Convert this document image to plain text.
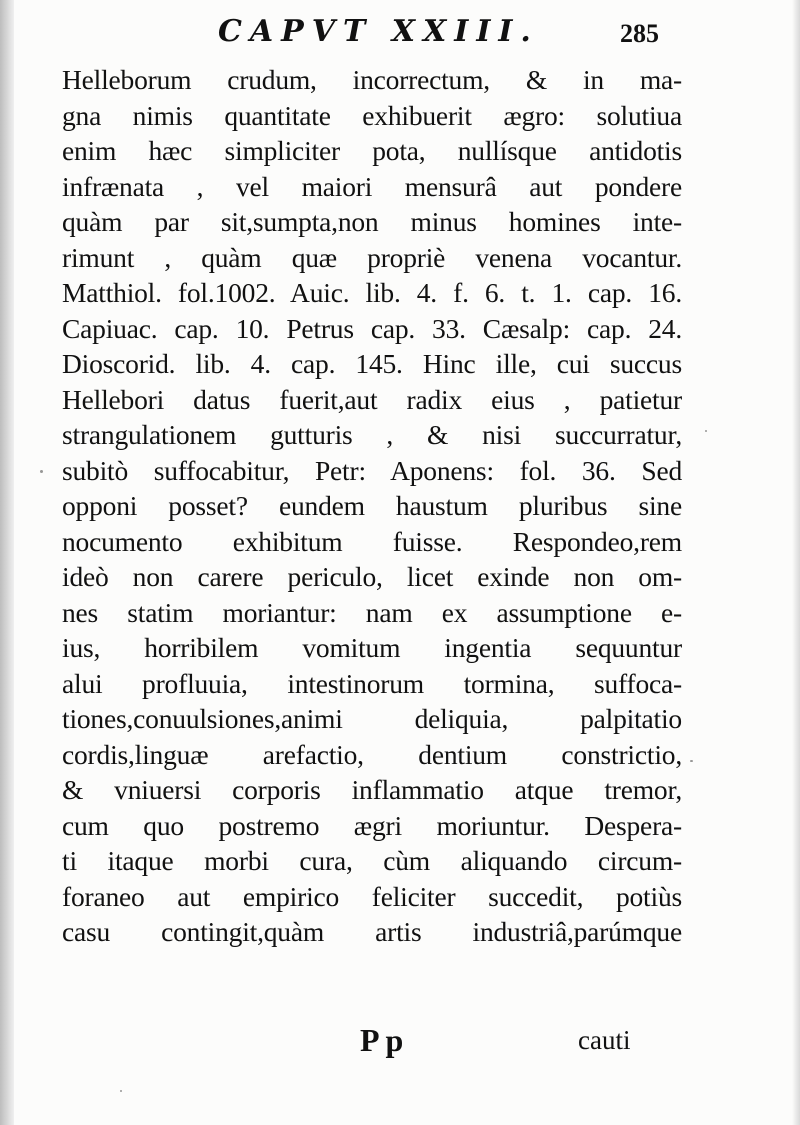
CAPVT XXIII.	285
Helleborum crudum, incorrectum, & in ma-
gna nimis quantitate exhibuerit ægro: solutiua
enim hæc simpliciter pota, nullísque antidotis
infrænata , vel maiori mensurâ aut pondere
quàm par sit,sumpta,non minus homines inte-
rimunt , quàm quæ propriè venena vocantur.
Matthiol. fol.1002. Auic. lib. 4. f. 6. t. 1. cap. 16.
Capiuac. cap. 10. Petrus cap. 33. Cæsalp: cap. 24.
Dioscorid. lib. 4. cap. 145. Hinc ille, cui succus
Hellebori datus fuerit,aut radix eius , patietur
strangulationem gutturis , & nisi succurratur,
subitò suffocabitur, Petr: Aponens: fol. 36. Sed
opponi posset? eundem haustum pluribus sine
nocumento exhibitum fuisse. Respondeo,rem
ideò non carere periculo, licet exinde non om-
nes statim moriantur: nam ex assumptione e-
ius, horribilem vomitum ingentia sequuntur
alui profluuia, intestinorum tormina, suffoca-
tiones,conuulsiones,animi deliquia, palpitatio
cordis,linguæ arefactio, dentium constrictio,
& vniuersi corporis inflammatio atque tremor,
cum quo postremo ægri moriuntur. Despera-
ti itaque morbi cura, cùm aliquando circum-
foraneo aut empirico feliciter succedit, potiùs
casu contingit,quàm artis industriâ,parúmque
Pp	cauti
